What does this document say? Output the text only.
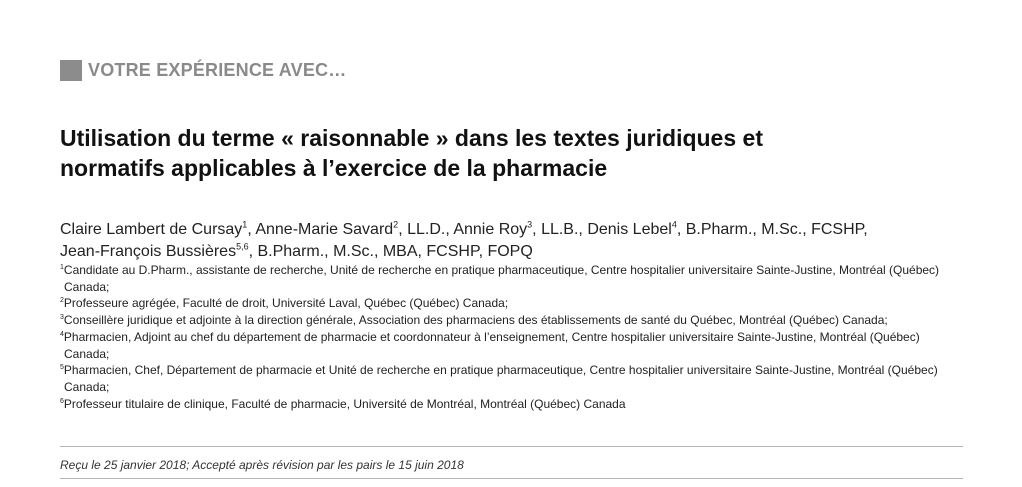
VOTRE EXPÉRIENCE AVEC…
Utilisation du terme « raisonnable » dans les textes juridiques et
normatifs applicables à l’exercice de la pharmacie
Claire Lambert de Cursay$^1$, Anne-Marie Savard$^2$, LL.D., Annie Roy$^3$, LL.B., Denis Lebel$^4$, B.Pharm., M.Sc., FCSHP,
Jean-François Bussières$^{5,6}$, B.Pharm., M.Sc., MBA, FCSHP, FOPQ
$^1$Candidate au D.Pharm., assistante de recherche, Unité de recherche en pratique pharmaceutique, Centre hospitalier universitaire Sainte-Justine, Montréal (Québec) Canada;
$^2$Professeure agrégée, Faculté de droit, Université Laval, Québec (Québec) Canada;
$^3$Conseillère juridique et adjointe à la direction générale, Association des pharmaciens des établissements de santé du Québec, Montréal (Québec) Canada;
$^4$Pharmacien, Adjoint au chef du département de pharmacie et coordonnateur à l’enseignement, Centre hospitalier universitaire Sainte-Justine, Montréal (Québec) Canada;
$^5$Pharmacien, Chef, Département de pharmacie et Unité de recherche en pratique pharmaceutique, Centre hospitalier universitaire Sainte-Justine, Montréal (Québec) Canada;
$^6$Professeur titulaire de clinique, Faculté de pharmacie, Université de Montréal, Montréal (Québec) Canada
Reçu le 25 janvier 2018; Accepté après révision par les pairs le 15 juin 2018
